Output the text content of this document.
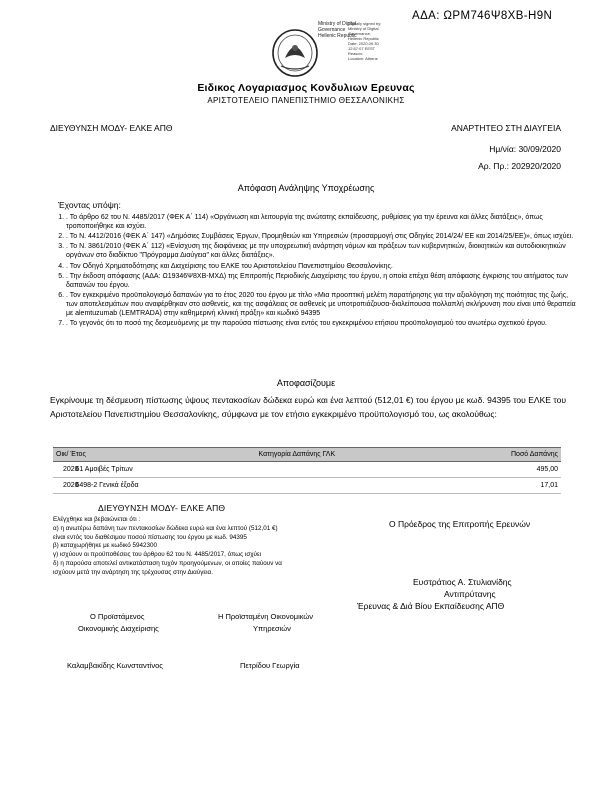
ΑΔΑ: ΩΡΜ746Ψ8ΧΒ-Η9Ν
Ministry of Digital
Governance
Hellenic Republic
Digitally signed by:
Ministry of Digital
Governance,
Hellenic Republic
Date: 2020.09.30
12:57:07 EEST
Reason:
Location: Athens
Ειδικος Λογαριασμος Κονδυλιων Ερευνας
ΑΡΙΣΤΟΤΕΛΕΙΟ ΠΑΝΕΠΙΣΤΗΜΙΟ ΘΕΣΣΑΛΟΝΙΚΗΣ
ΔΙΕΥΘΥΝΣΗ ΜΟΔΥ- ΕΛΚΕ ΑΠΘ	ΑΝΑΡΤΗΤΕΟ ΣΤΗ ΔΙΑΥΓΕΙΑ
Ημ/νία: 30/09/2020
Αρ. Πρ.: 202920/2020
Απόφαση Ανάληψης Υποχρέωσης
Έχοντας υπόψη:
1. . Το άρθρο 62 του Ν. 4485/2017 (ΦΕΚ Α΄ 114) «Οργάνωση και λειτουργία της ανώτατης εκπαίδευσης, ρυθμίσεις για την έρευνα και άλλες διατάξεις», όπως τροποποιήθηκε και ισχύει.
2. . Το Ν. 4412/2016 (ΦΕΚ Α΄ 147) «Δημόσιες Συμβάσεις Έργων, Προμηθειών και Υπηρεσιών (προσαρμογή στις Οδηγίες 2014/24/ ΕΕ και 2014/25/ΕΕ)», όπως ισχύει.
3. . Το Ν. 3861/2010 (ΦΕΚ Α΄ 112) «Ενίσχυση της διαφάνειας με την υποχρεωτική ανάρτηση νόμων και πράξεων των κυβερνητικών, διοικητικών και αυτοδιοικητικών οργάνων στο διαδίκτυο "Πρόγραμμα Διαύγεια" και άλλες διατάξεις».
4. . Τον Οδηγό Χρηματοδότησης και Διαχείρισης του ΕΛΚΕ του Αριστοτελείου Πανεπιστημίου Θεσσαλονίκης.
5. . Την έκδοση απόφασης (ΑΔΑ: Ω19346Ψ8ΧΒ-ΜΧΔ) της Επιτροπής Περιοδικής Διαχείρισης του έργου, η οποία επέχει θέση απόφασης έγκρισης του αιτήματος των δαπανών του έργου.
6. . Τον εγκεκριμένο προϋπολογισμό δαπανών για το έτος 2020 του έργου με τίτλο «Μια προοπτική μελέτη παρατήρησης για την αξιολόγηση της ποιότητας της ζωής, των αποτελεσμάτων που αναφέρθηκαν στο ασθενείς, και της ασφάλειας σε ασθενείς με υποτροπιάζουσα-διαλείπουσα πολλαπλή σκλήρυνση που είναι υπό θεραπεία με alemtuzumab (LEMTRADA) στην καθημερινή κλινική πράξη» και κωδικό 94395
7. . Το γεγονός ότι το ποσό της δεσμευόμενης με την παρούσα πίστωσης είναι εντός του εγκεκριμένου ετήσιου προϋπολογισμού του ανωτέρω σχετικού έργου.
Αποφασίζουμε
Εγκρίνουμε τη δέσμευση πίστωσης ύψους πεντακοσίων δώδεκα ευρώ και ένα λεπτού (512,01 €) του έργου με κωδ. 94395 του ΕΛΚΕ του Αριστοτελείου Πανεπιστημίου Θεσσαλονίκης, σύμφωνα με τον ετήσιο εγκεκριμένο προϋπολογισμό του, ως ακολούθως:
Οικ/ Έτος	Κατηγορία Δαπάνης ΓΛΚ	Ποσό Δαπάνης
2020	61 Αμοιβές Τρίτων	495,00
2020	6498-2 Γενικά έξοδα	17,01
ΔΙΕΥΘΥΝΣΗ ΜΟΔΥ- ΕΛΚΕ ΑΠΘ
Ελέγχθηκε και βεβαιώνεται ότι :
α) η ανωτέρω δαπάνη των πεντακοσίων δώδεκα ευρώ και ένα λεπτού (512,01 €)
είναι εντός του διαθέσιμου ποσού πίστωσης του έργου με κωδ. 94395
β) καταχωρήθηκε με κωδικό 5942300
γ) ισχύουν οι προϋποθέσεις του άρθρου 62 του Ν. 4485/2017, όπως ισχύει
δ) η παρούσα αποτελεί αντικατάσταση τυχόν προηγούμενων, οι οποίες παύουν να
ισχύουν μετά την ανάρτηση της τρέχουσας στην Διαύγεια.
Ο Πρόεδρος της Επιτροπής Ερευνών
Ευστράτιος Α. Στυλιανίδης
Αντιπρύτανης
Έρευνας & Διά Βίου Εκπαίδευσης ΑΠΘ
Ο Προϊστάμενος
Οικονομικής Διαχείρισης
Η Προϊσταμένη Οικονομικών
Υπηρεσιών
Καλαμβακίδης Κωνσταντίνος	Πετρίδου Γεωργία
